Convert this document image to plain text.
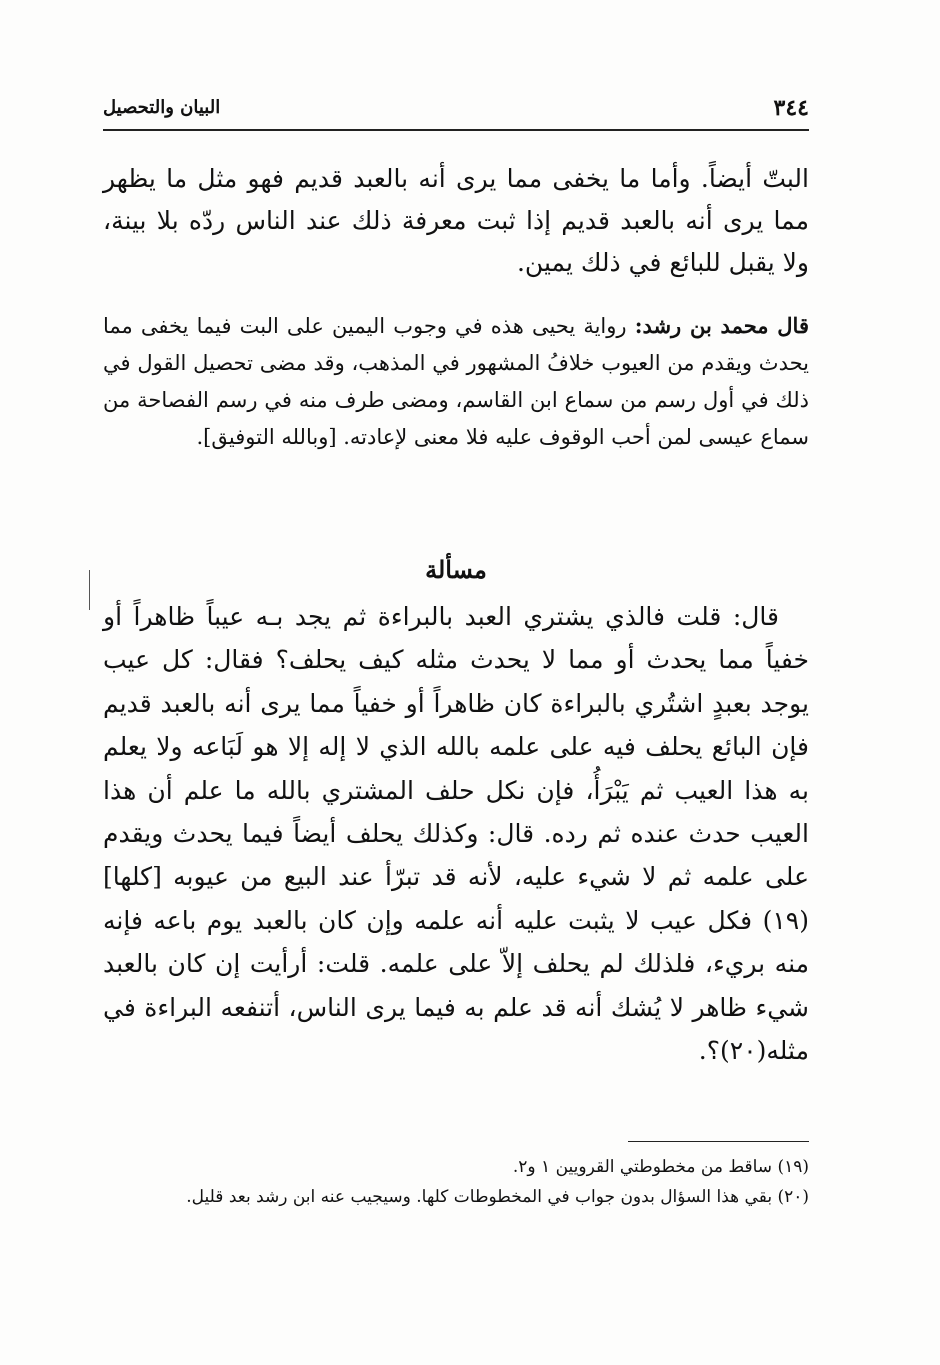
٣٤٤
البيان والتحصيل

البتّ أيضاً. وأما ما يخفى مما يرى أنه بالعبد قديم فهو مثل ما يظهر مما يرى أنه بالعبد قديم إذا ثبت معرفة ذلك عند الناس ردّه بلا بينة، ولا يقبل للبائع في ذلك يمين.

قال محمد بن رشد: رواية يحيى هذه في وجوب اليمين على البت فيما يخفى مما يحدث ويقدم من العيوب خلافُ المشهور في المذهب، وقد مضى تحصيل القول في ذلك في أول رسم من سماع ابن القاسم، ومضى طرف منه في رسم الفصاحة من سماع عيسى لمن أحب الوقوف عليه فلا معنى لإعادته. [وبالله التوفيق].

مسألة

قال: قلت فالذي يشتري العبد بالبراءة ثم يجد بـه عيباً ظاهراً أو خفياً مما يحدث أو مما لا يحدث مثله كيف يحلف؟ فقال: كل عيب يوجد بعبدٍ اشتُري بالبراءة كان ظاهراً أو خفياً مما يرى أنه بالعبد قديم فإن البائع يحلف فيه على علمه بالله الذي لا إله إلا هو لَبَاعه ولا يعلم به هذا العيب ثم يَبْرَأُ، فإن نكل حلف المشتري بالله ما علم أن هذا العيب حدث عنده ثم رده. قال: وكذلك يحلف أيضاً فيما يحدث ويقدم على علمه ثم لا شيء عليه، لأنه قد تبرّأ عند البيع من عيوبه [كلها](١٩) فكل عيب لا يثبت عليه أنه علمه وإن كان بالعبد يوم باعه فإنه منه بريء، فلذلك لم يحلف إلاّ على علمه. قلت: أرأيت إن كان بالعبد شيء ظاهر لا يُشك أنه قد علم به فيما يرى الناس، أتنفعه البراءة في مثله(٢٠)؟.

(١٩) ساقط من مخطوطتي القرويين ١ و٢.

(٢٠) بقي هذا السؤال بدون جواب في المخطوطات كلها. وسيجيب عنه ابن رشد بعد قليل.
